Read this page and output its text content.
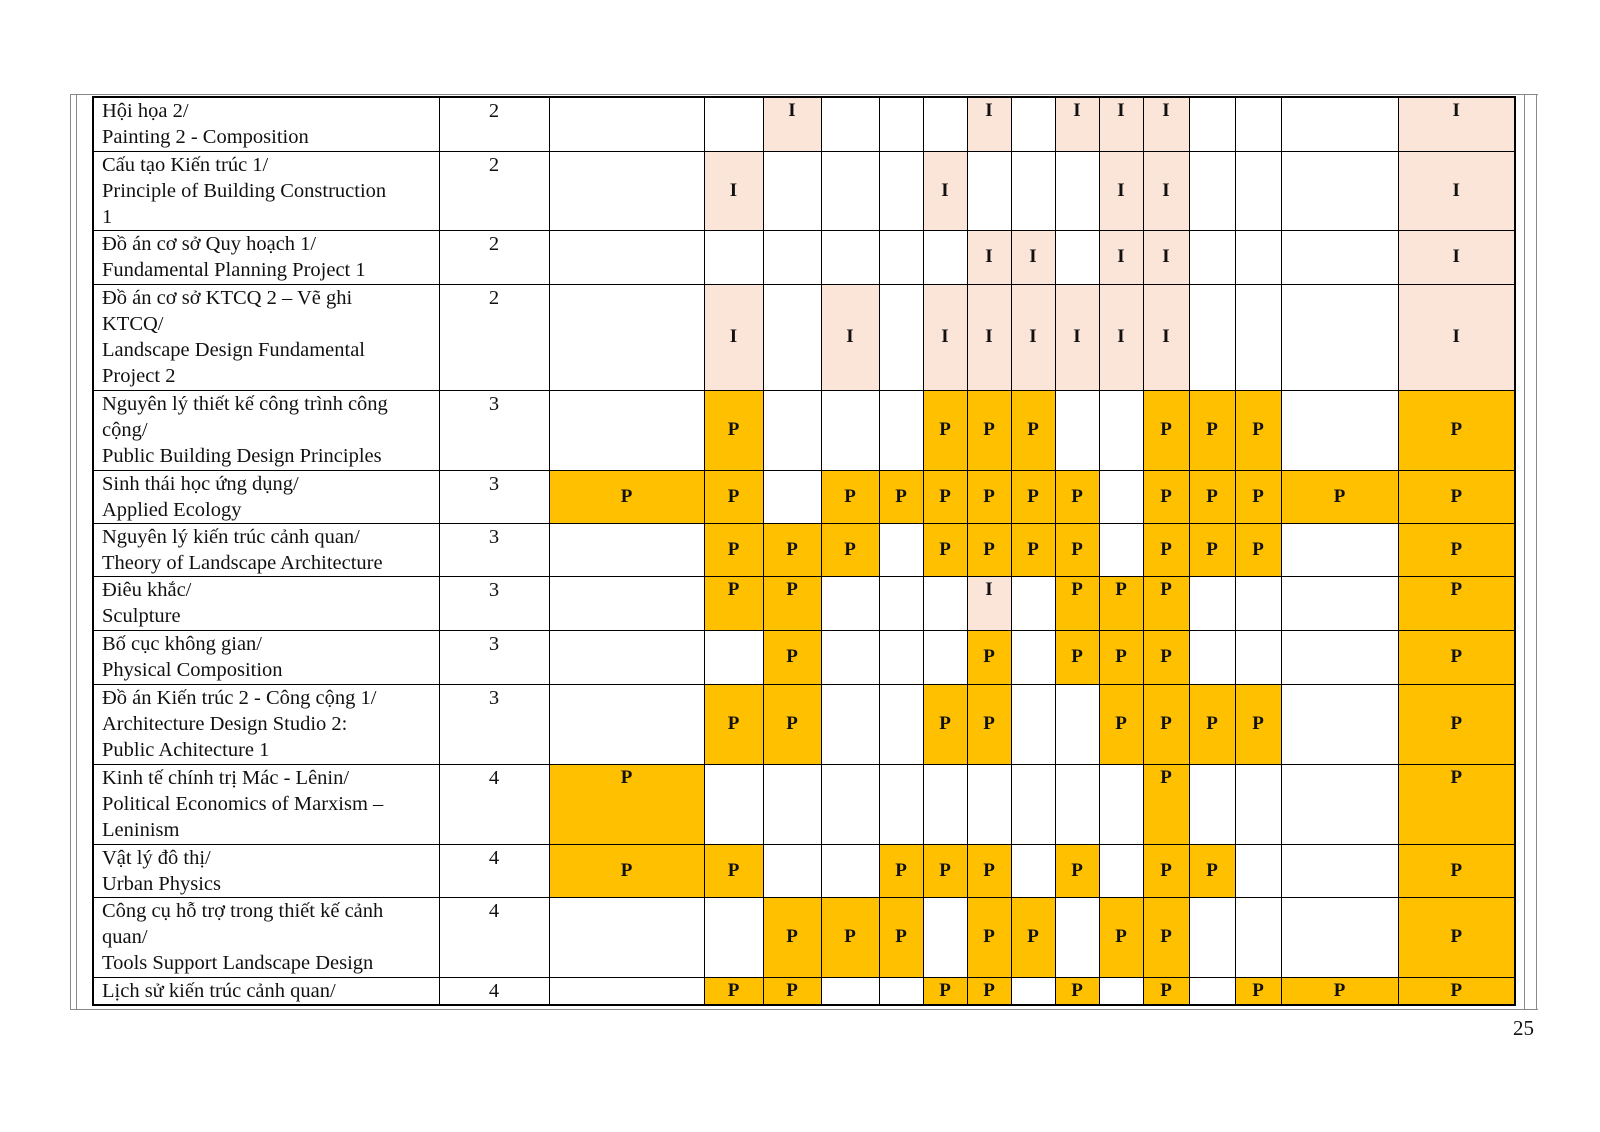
Hội họa 2/
Painting 2 - Composition	2			I				I		I	I	I				I

Cấu tạo Kiến trúc 1/
Principle of Building Construction
1	2		I				I				I	I				I

Đồ án cơ sở Quy hoạch 1/
Fundamental Planning Project 1	2							I	I		I	I				I

Đồ án cơ sở KTCQ 2 – Vẽ ghi
KTCQ/
Landscape Design Fundamental
Project 2	2		I		I		I	I	I	I	I	I				I

Nguyên lý thiết kế công trình công
cộng/
Public Building Design Principles	3		P				P	P	P			P	P	P		P

Sinh thái học ứng dụng/
Applied Ecology	3	P	P		P	P	P	P	P	P		P	P	P	P	P

Nguyên lý kiến trúc cảnh quan/
Theory of Landscape Architecture	3		P	P	P		P	P	P	P		P	P	P		P

Điêu khắc/
Sculpture	3		P	P				I		P	P	P				P

Bố cục không gian/
Physical Composition	3			P				P		P	P	P				P

Đồ án Kiến trúc 2 - Công cộng 1/
Architecture Design Studio 2:
Public Achitecture 1	3		P	P			P	P			P	P	P	P		P

Kinh tế chính trị Mác - Lênin/
Political Economics of Marxism –
Leninism	4	P										P				P

Vật lý đô thị/
Urban Physics	4	P	P			P	P	P		P		P	P			P

Công cụ hỗ trợ trong thiết kế cảnh
quan/
Tools Support Landscape Design	4			P	P	P		P	P		P	P				P

Lịch sử kiến trúc cảnh quan/	4		P	P			P	P		P		P		P	P	P
25
